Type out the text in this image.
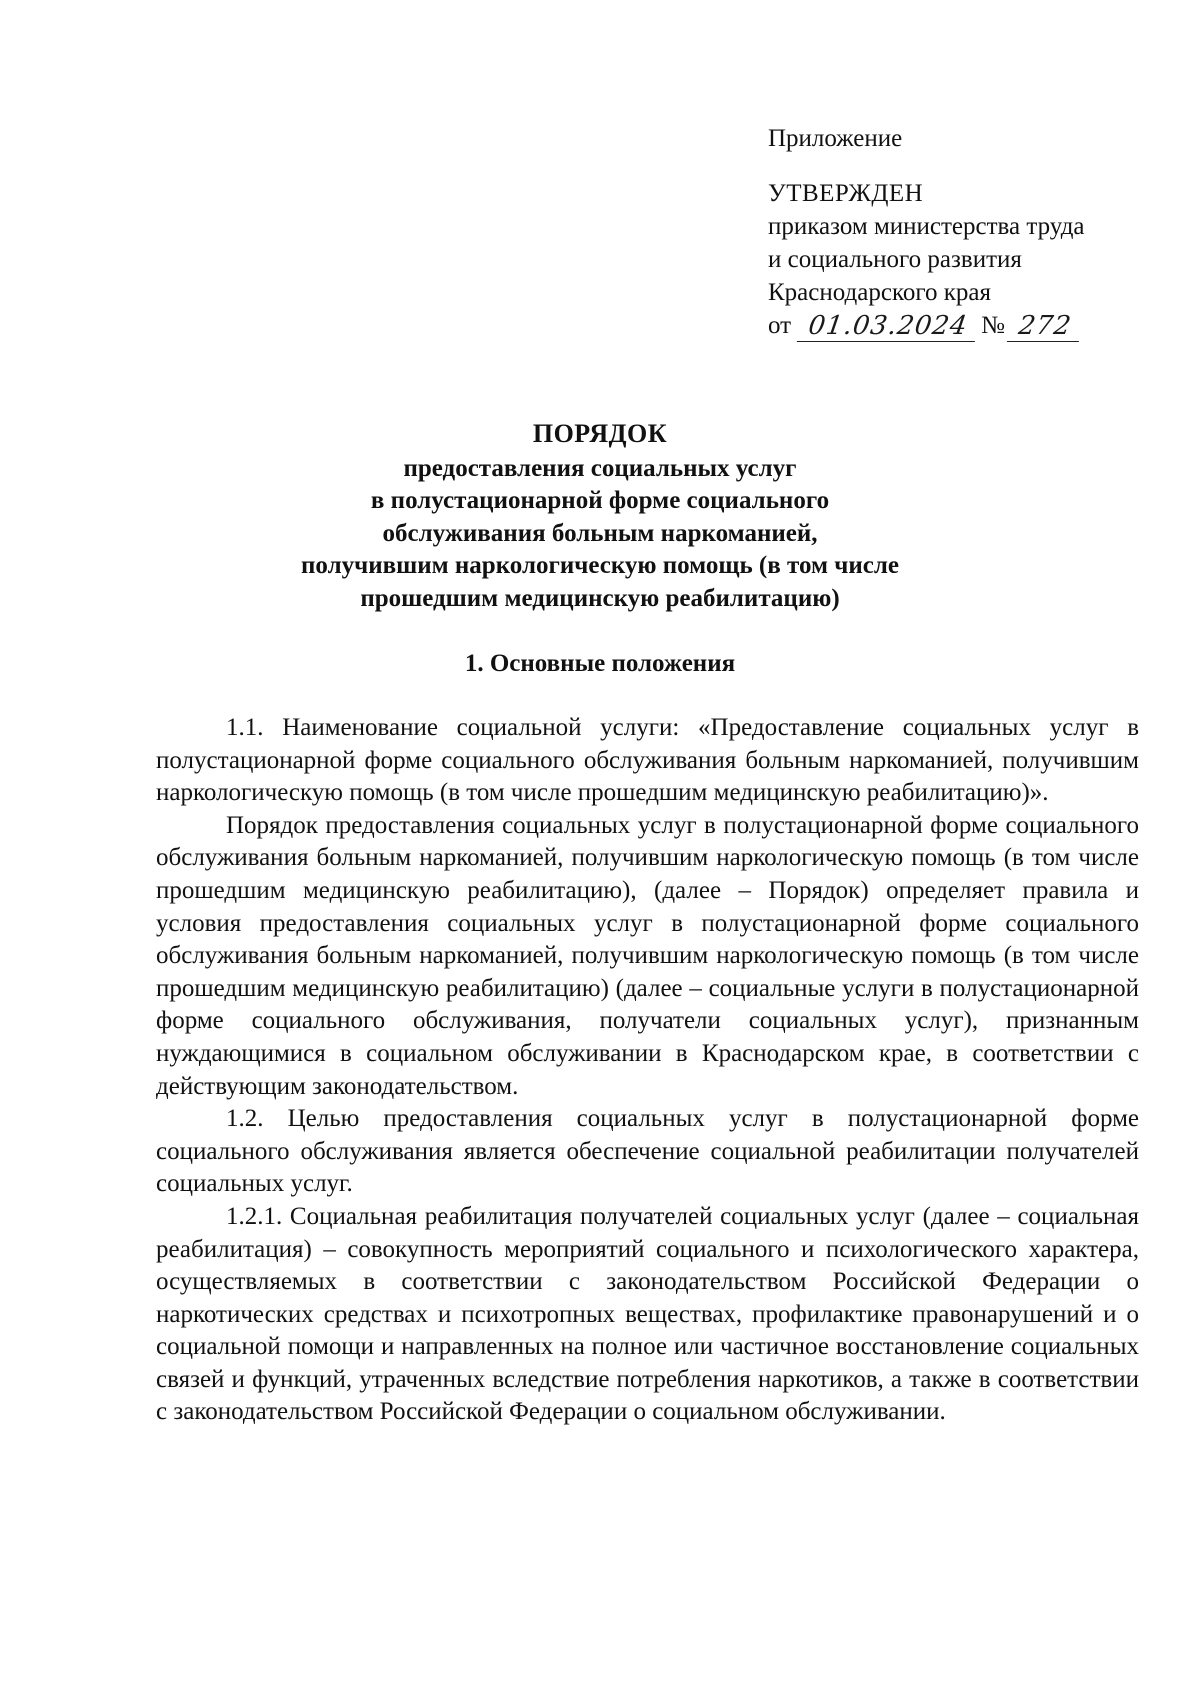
Приложение
УТВЕРЖДЕН
приказом министерства труда
и социального развития
Краснодарского края
от 01.03.2024 № 272
ПОРЯДОК
предоставления социальных услуг
в полустационарной форме социального
обслуживания больным наркоманией,
получившим наркологическую помощь (в том числе
прошедшим медицинскую реабилитацию)
1. Основные положения

1.1. Наименование социальной услуги: «Предоставление социальных услуг в полустационарной форме социального обслуживания больным наркоманией, получившим наркологическую помощь (в том числе прошедшим медицинскую реабилитацию)».

Порядок предоставления социальных услуг в полустационарной форме социального обслуживания больным наркоманией, получившим наркологическую помощь (в том числе прошедшим медицинскую реабилитацию), (далее – Порядок) определяет правила и условия предоставления социальных услуг в полустационарной форме социального обслуживания больным наркоманией, получившим наркологическую помощь (в том числе прошедшим медицинскую реабилитацию) (далее – социальные услуги в полустационарной форме социального обслуживания, получатели социальных услуг), признанным нуждающимися в социальном обслуживании в Краснодарском крае, в соответствии с действующим законодательством.

1.2. Целью предоставления социальных услуг в полустационарной форме социального обслуживания является обеспечение социальной реабилитации получателей социальных услуг.

1.2.1. Социальная реабилитация получателей социальных услуг (далее – социальная реабилитация) – совокупность мероприятий социального и психологического характера, осуществляемых в соответствии с законодательством Российской Федерации о наркотических средствах и психотропных веществах, профилактике правонарушений и о социальной помощи и направленных на полное или частичное восстановление социальных связей и функций, утраченных вследствие потребления наркотиков, а также в соответствии с законодательством Российской Федерации о социальном обслуживании.
